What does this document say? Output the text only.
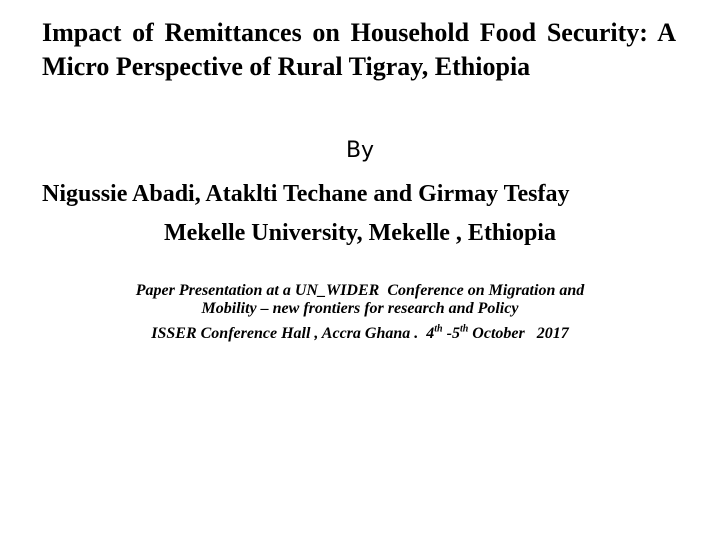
Impact of Remittances on Household Food Security: A Micro Perspective of Rural Tigray, Ethiopia
By
Nigussie Abadi, Ataklti Techane and Girmay Tesfay
Mekelle University, Mekelle , Ethiopia
Paper Presentation at a UN_WIDER  Conference on Migration and
Mobility – new frontiers for research and Policy
ISSER Conference Hall , Accra Ghana .  4th -5th October   2017
